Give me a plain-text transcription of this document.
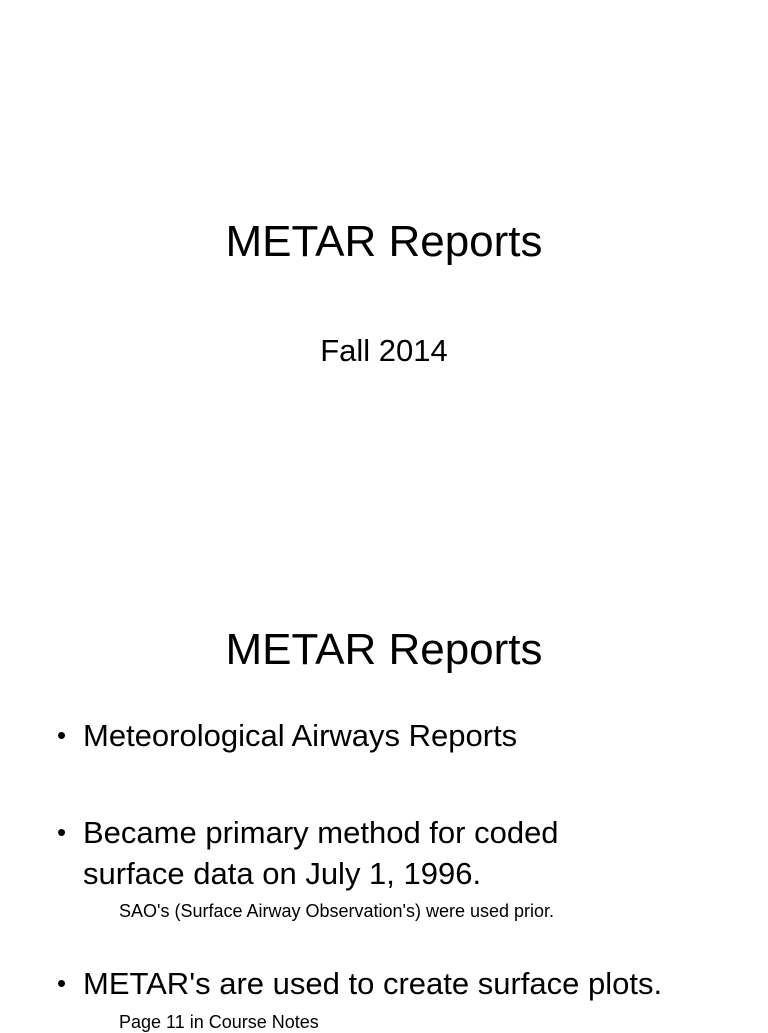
METAR Reports
Fall 2014
METAR Reports
• Meteorological Airways Reports
• Became primary method for coded
surface data on July 1, 1996.
SAO's (Surface Airway Observation's) were used prior.
• METAR's are used to create surface plots.
Page 11 in Course Notes
